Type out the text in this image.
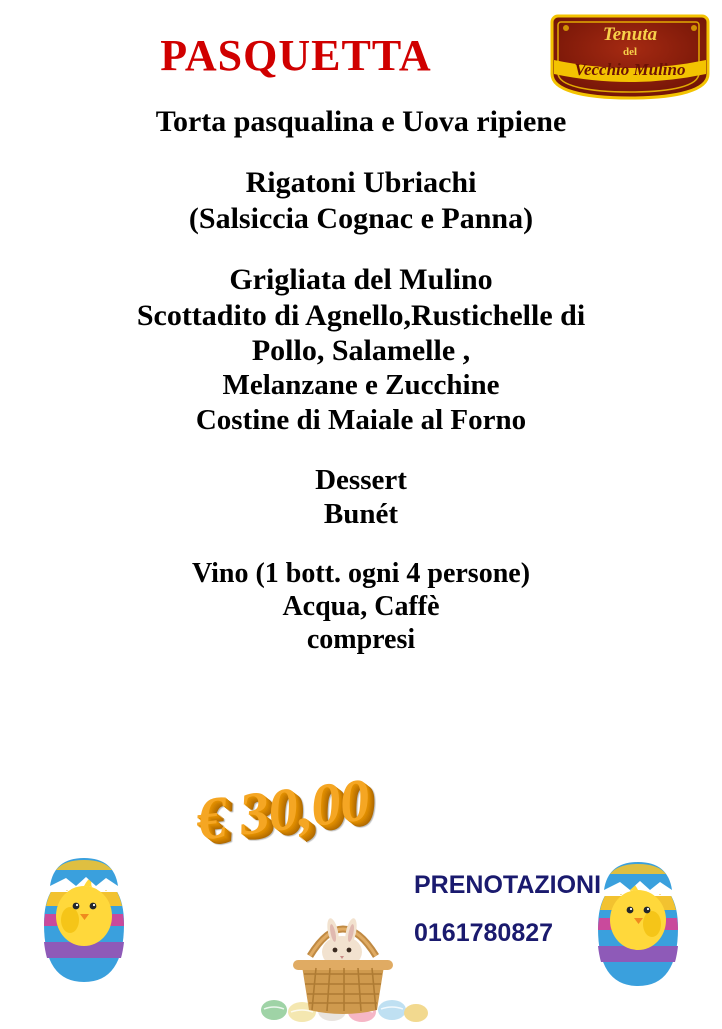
Tenuta
del
Vecchio Mulino
PASQUETTA
Torta pasqualina e Uova ripiene
Rigatoni Ubriachi
(Salsiccia Cognac e Panna)
Grigliata del Mulino
Scottadito di Agnello,Rustichelle di
Pollo, Salamelle ,
Melanzane e Zucchine
Costine di Maiale al Forno
Dessert
Bunét
Vino (1 bott. ogni 4 persone)
Acqua, Caffè
compresi
€ 30,00
PRENOTAZIONI
0161780827
